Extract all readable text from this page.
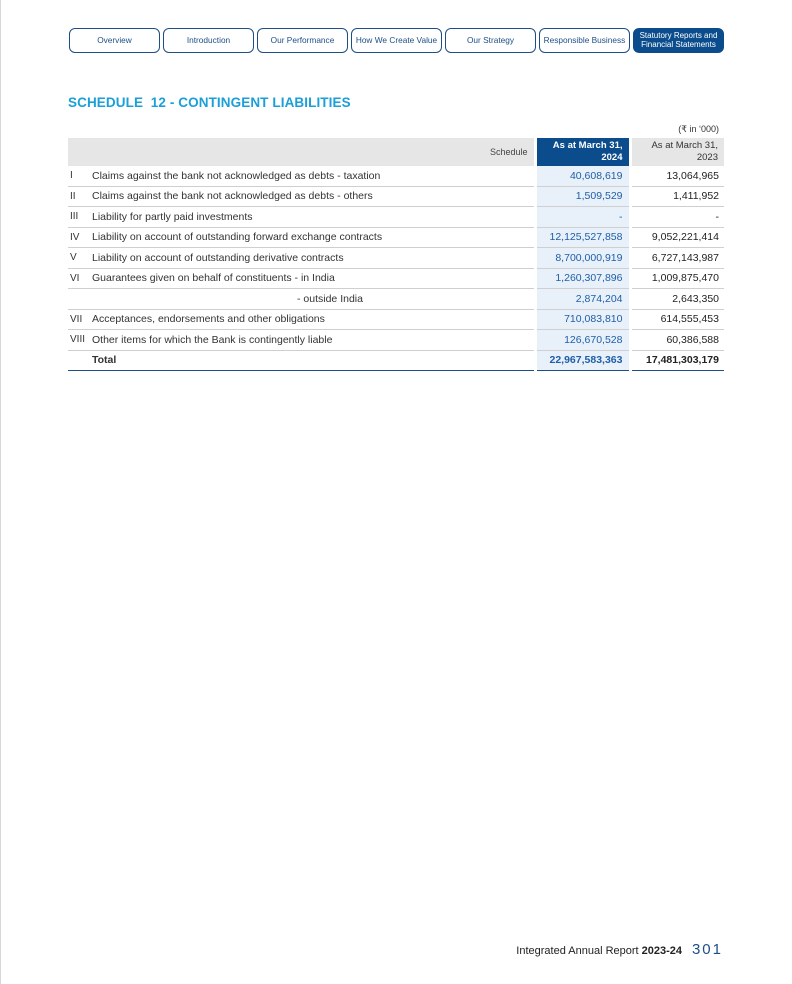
Overview	Introduction	Our Performance	How We Create Value	Our Strategy	Responsible Business	Statutory Reports and Financial Statements
SCHEDULE  12 - CONTINGENT LIABILITIES
(₹ in ‘000)
Schedule		As at March 31, 2024	As at March 31, 2023
I	Claims against the bank not acknowledged as debts - taxation	40,608,619	13,064,965
II	Claims against the bank not acknowledged as debts - others	1,509,529	1,411,952
III	Liability for partly paid investments	-	-
IV	Liability on account of outstanding forward exchange contracts	12,125,527,858	9,052,221,414
V	Liability on account of outstanding derivative contracts	8,700,000,919	6,727,143,987
VI	Guarantees given on behalf of constituents - in India	1,260,307,896	1,009,875,470
	- outside India	2,874,204	2,643,350
VII	Acceptances, endorsements and other obligations	710,083,810	614,555,453
VIII	Other items for which the Bank is contingently liable	126,670,528	60,386,588
	Total	22,967,583,363	17,481,303,179
Integrated Annual Report 2023-24 301
